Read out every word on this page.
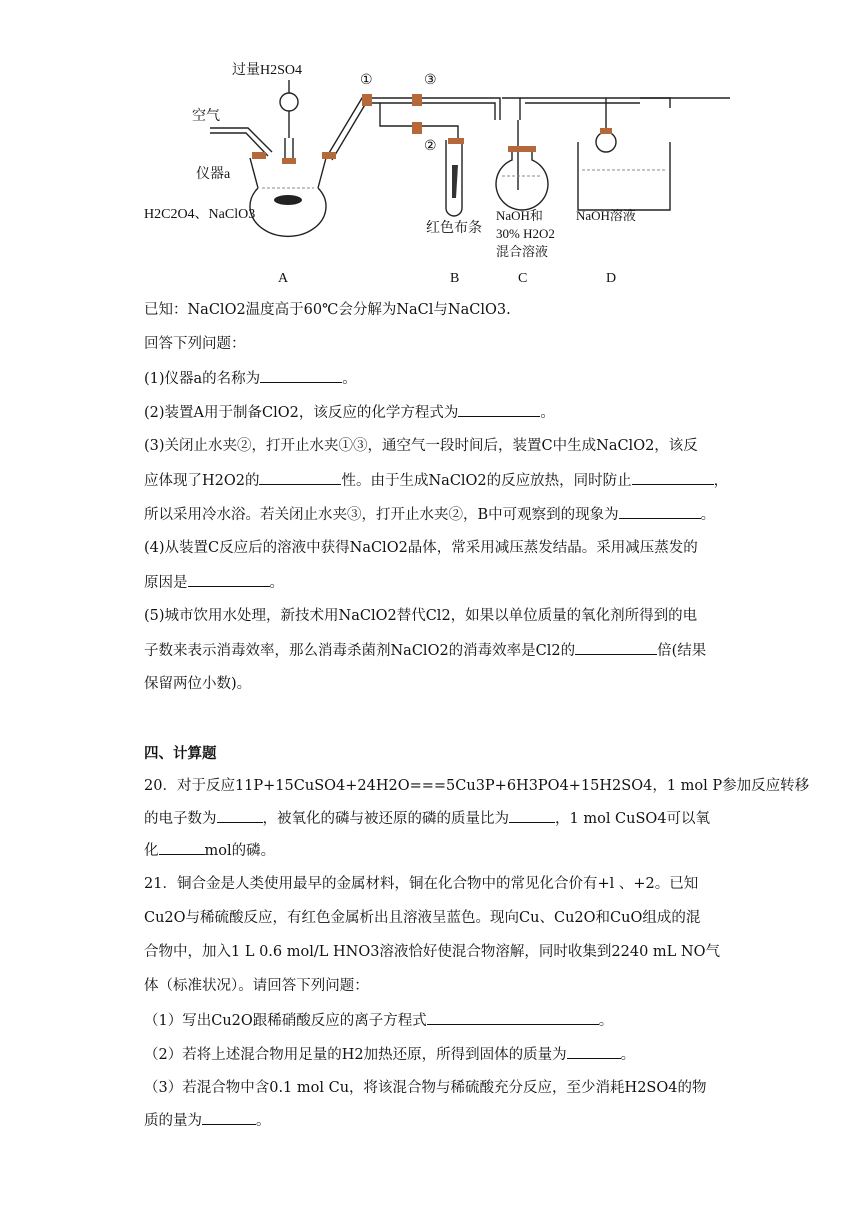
过量H2SO4
空气
仪器a
H2C2O4、NaClO3
①	③
②
红色布条
NaOH和
30% H2O2
混合溶液
NaOH溶液
A	B	C	D
已知：NaClO2温度高于60℃会分解为NaCl与NaClO3.
回答下列问题：
(1)仪器a的名称为	。
(2)装置A用于制备ClO2，该反应的化学方程式为	。
(3)关闭止水夹②，打开止水夹①③，通空气一段时间后，装置C中生成NaClO2，该反
应体现了H2O2的	性。由于生成NaClO2的反应放热，同时防止	，
所以采用冷水浴。若关闭止水夹③，打开止水夹②，B中可观察到的现象为	。
(4)从装置C反应后的溶液中获得NaClO2晶体，常采用减压蒸发结晶。采用减压蒸发的
原因是	。
(5)城市饮用水处理，新技术用NaClO2替代Cl2，如果以单位质量的氧化剂所得到的电
子数来表示消毒效率，那么消毒杀菌剂NaClO2的消毒效率是Cl2的	倍(结果
保留两位小数)。
四、计算题
20．对于反应11P+15CuSO4+24H2O===5Cu3P+6H3PO4+15H2SO4，1 mol P参加反应转移
的电子数为	，被氧化的磷与被还原的磷的质量比为	，1 mol CuSO4可以氧
化	mol的磷。
21．铜合金是人类使用最早的金属材料，铜在化合物中的常见化合价有+l 、+2。已知
Cu2O与稀硫酸反应，有红色金属析出且溶液呈蓝色。现向Cu、Cu2O和CuO组成的混
合物中，加入1 L 0.6 mol/L HNO3溶液恰好使混合物溶解，同时收集到2240 mL NO气
体（标准状况）。请回答下列问题：
（1）写出Cu2O跟稀硝酸反应的离子方程式	。
（2）若将上述混合物用足量的H2加热还原，所得到固体的质量为	。
（3）若混合物中含0.1 mol Cu，将该混合物与稀硫酸充分反应，至少消耗H2SO4的物
质的量为	。
